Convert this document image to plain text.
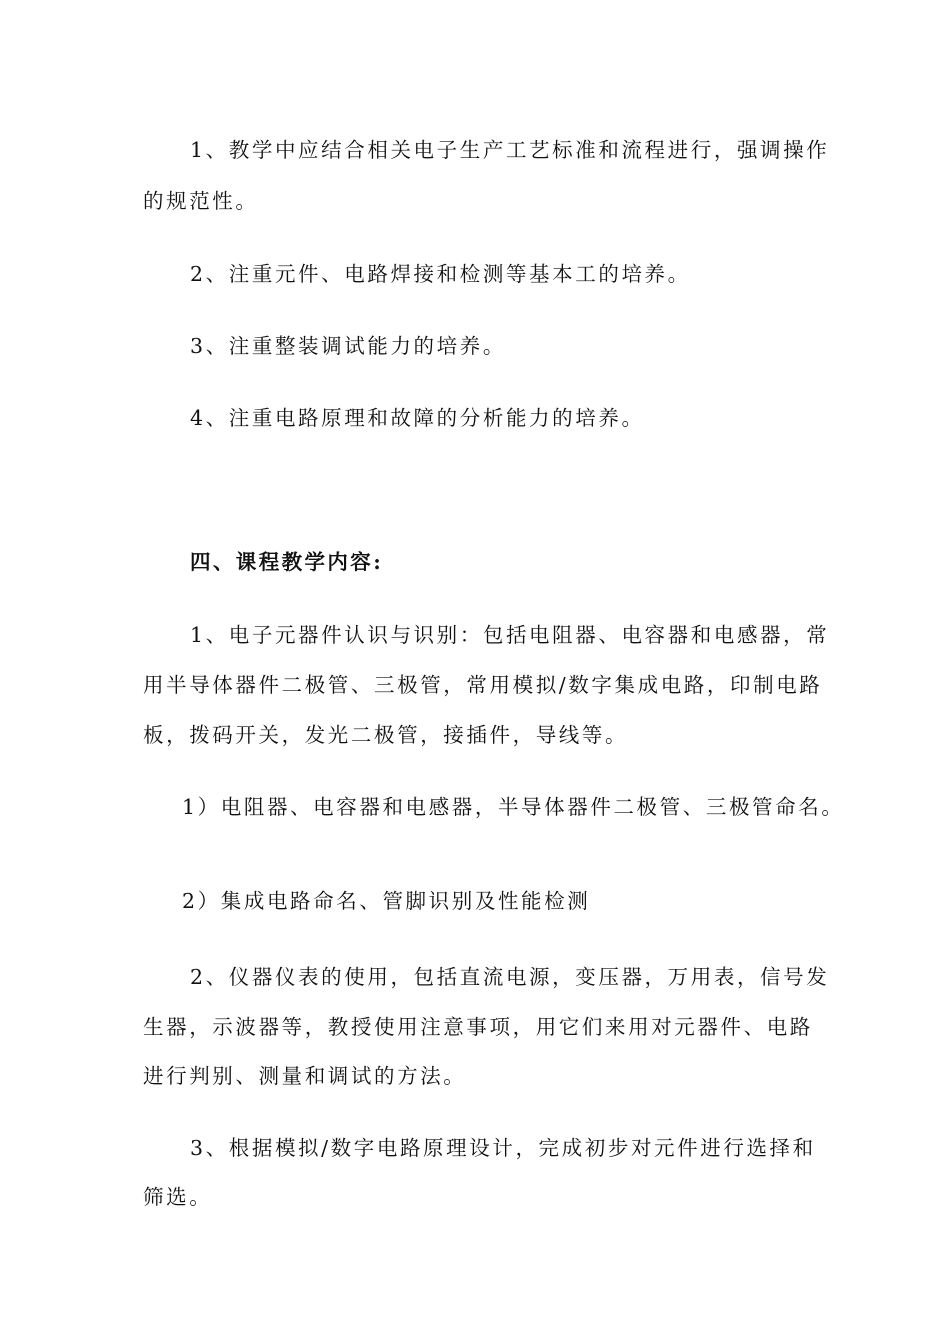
1、教学中应结合相关电子生产工艺标准和流程进行，强调操作

的规范性。

2、注重元件、电路焊接和检测等基本工的培养。

3、注重整装调试能力的培养。

4、注重电路原理和故障的分析能力的培养。

四、课程教学内容:

1、电子元器件认识与识别：包括电阻器、电容器和电感器，常

用半导体器件二极管、三极管，常用模拟/数字集成电路，印制电路

板，拨码开关，发光二极管，接插件，导线等。

1）电阻器、电容器和电感器，半导体器件二极管、三极管命名。

2）集成电路命名、管脚识别及性能检测

2、仪器仪表的使用，包括直流电源，变压器，万用表，信号发

生器，示波器等，教授使用注意事项，用它们来用对元器件、电路

进行判别、测量和调试的方法。

3、根据模拟/数字电路原理设计，完成初步对元件进行选择和

筛选。
